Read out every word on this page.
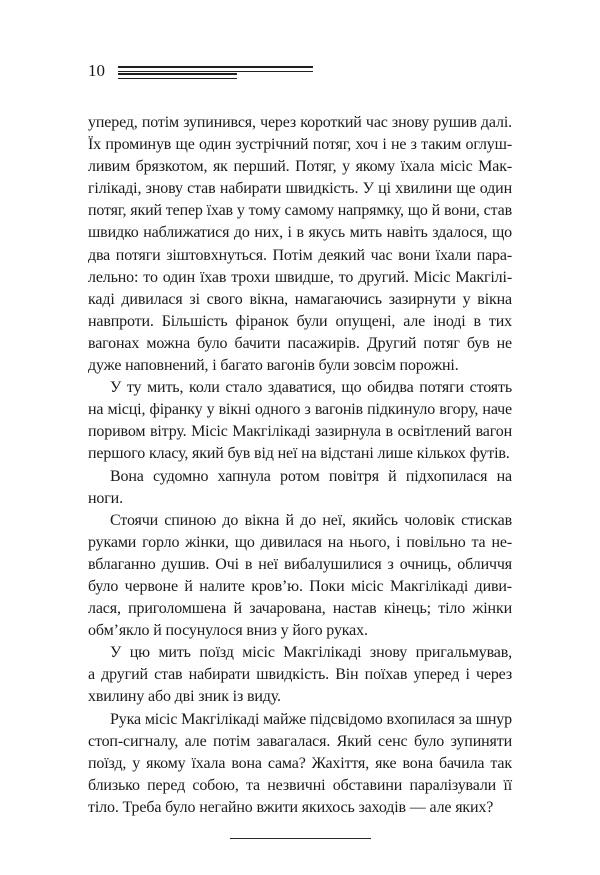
10

уперед, потім зупинився, через короткий час знову рушив далі.
Їх проминув ще один зустрічний потяг, хоч і не з таким оглуш-
ливим брязкотом, як перший. Потяг, у якому їхала місіс Мак-
гілікаді, знову став набирати швидкість. У ці хвилини ще один
потяг, який тепер їхав у тому самому напрямку, що й вони, став
швидко наближатися до них, і в якусь мить навіть здалося, що
два потяги зіштовхнуться. Потім деякий час вони їхали пара-
лельно: то один їхав трохи швидше, то другий. Місіс Макгілі-
каді дивилася зі свого вікна, намагаючись зазирнути у вікна
навпроти. Більшість фіранок були опущені, але іноді в тих
вагонах можна було бачити пасажирів. Другий потяг був не
дуже наповнений, і багато вагонів були зовсім порожні.

У ту мить, коли стало здаватися, що обидва потяги стоять
на місці, фіранку у вікні одного з вагонів підкинуло вгору, наче
поривом вітру. Місіс Макгілікаді зазирнула в освітлений вагон
першого класу, який був від неї на відстані лише кількох футів.

Вона судомно хапнула ротом повітря й підхопилася на ноги.

Стоячи спиною до вікна й до неї, якийсь чоловік стискав
руками горло жінки, що дивилася на нього, і повільно та не-
вблаганно душив. Очі в неї вибалушилися з очниць, обличчя
було червоне й налите кров’ю. Поки місіс Макгілікаді диви-
лася, приголомшена й зачарована, настав кінець; тіло жінки
обм’якло й посунулося вниз у його руках.

У цю мить поїзд місіс Макгілікаді знову пригальмував,
а другий став набирати швидкість. Він поїхав уперед і через
хвилину або дві зник із виду.

Рука місіс Макгілікаді майже підсвідомо вхопилася за шнур
стоп-сигналу, але потім завагалася. Який сенс було зупиняти
поїзд, у якому їхала вона сама? Жахіття, яке вона бачила так
близько перед собою, та незвичні обставини паралізували її
тіло. Треба було негайно вжити якихось заходів — але яких?
